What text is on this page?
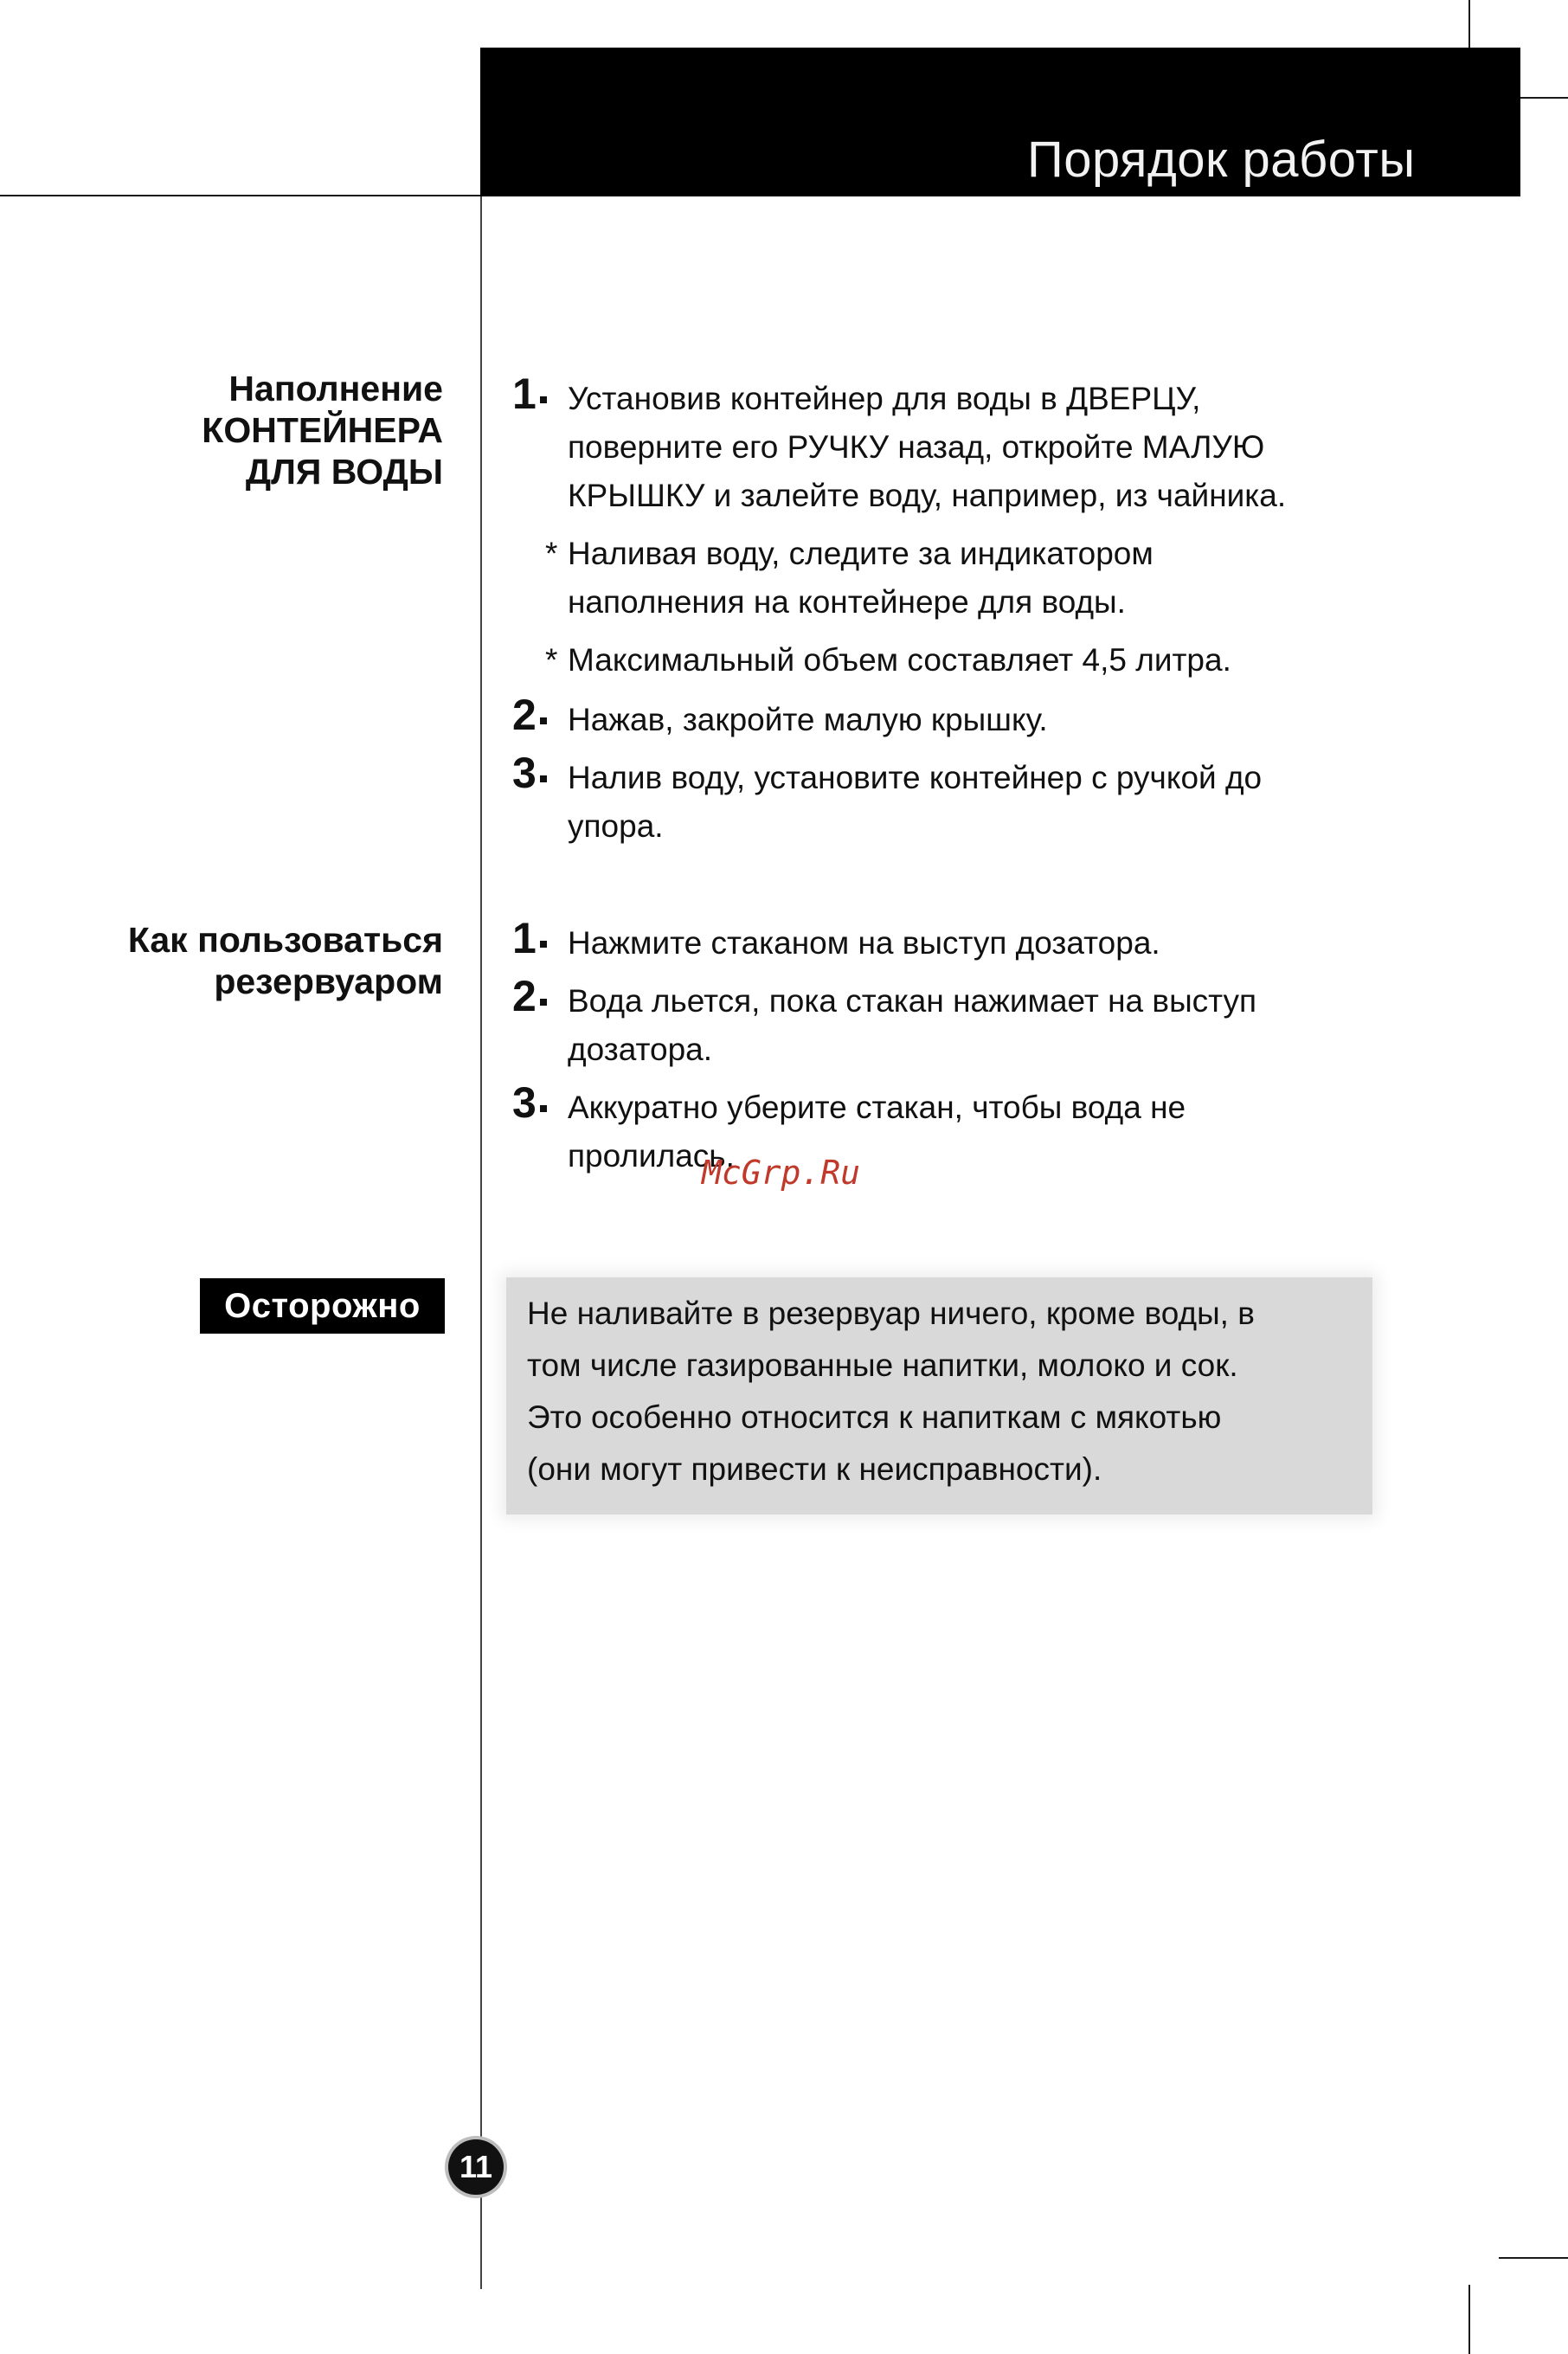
Порядок работы
Наполнение
КОНТЕЙНЕРА
ДЛЯ ВОДЫ
1 Установив контейнер для воды в ДВЕРЦУ,
поверните его РУЧКУ назад, откройте МАЛУЮ
КРЫШКУ и залейте воду, например, из чайника.
* Наливая воду, следите за индикатором
наполнения на контейнере для воды.
* Максимальный объем составляет 4,5 литра.
2 Нажав, закройте малую крышку.
3 Налив воду, установите контейнер с ручкой до
упора.
Как пользоваться
резервуаром
1 Нажмите стаканом на выступ дозатора.
2 Вода льется, пока стакан нажимает на выступ
дозатора.
3 Аккуратно уберите стакан, чтобы вода не
пролилась.
McGrp.Ru
Осторожно	Не наливайте в резервуар ничего, кроме воды, в
том числе газированные напитки, молоко и сок.
Это особенно относится к напиткам с мякотью
(они могут привести к неисправности).
11
